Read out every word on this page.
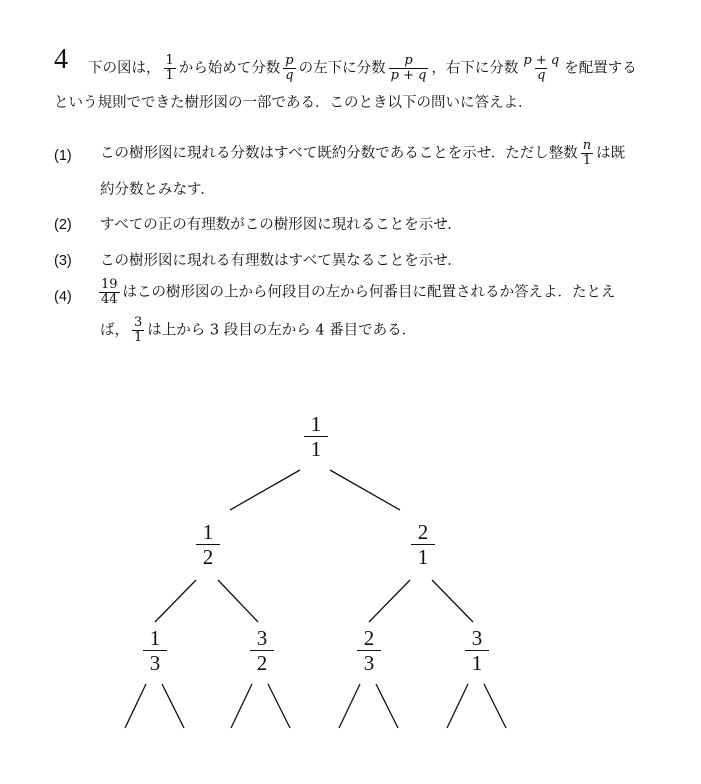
4 下の図は， $\frac{1}{1}$ から始めて分数 $\frac{p}{q}$ の左下に分数 $\frac{p}{p + q}$ ，右下に分数 $\frac{p + q}{q}$ を配置する
という規則でできた樹形図の一部である．このとき以下の問いに答えよ．
(1) この樹形図に現れる分数はすべて既約分数であることを示せ．ただし整数 $\frac{n}{1}$ は既
約分数とみなす．
(2) すべての正の有理数がこの樹形図に現れることを示せ．
(3) この樹形図に現れる有理数はすべて異なることを示せ．
$(4) \frac{19}{44}$ はこの樹形図の上から何段目の左から何番目に配置されるか答えよ．たとえ
ば， $\frac{3}{1}$ は上から 3 段目の左から 4 番目である．
1
1
1
2
2
1
1
3
3
2
2
3
3
1
